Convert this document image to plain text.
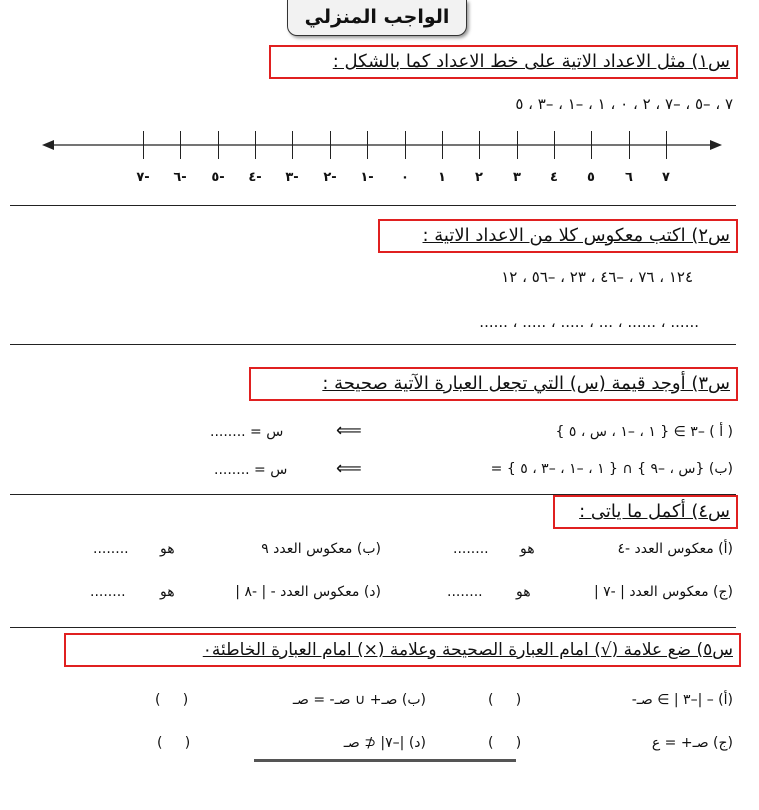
الواجب المنزلي
س١) مثل الاعداد الاتية على خط الاعداد كما بالشكل :
٧ ، –٥ ، –٧ ، ٢ ، ٠ ، ١ ، –١ ، –٣ ، ٥
٧-	٦-	٥-	٤-	٣-	٢-	١-	٠	١	٢	٣	٤	٥	٦	٧
س٢) اكتب معكوس كلا من الاعداد الاتية :
١٢٤ ، ٧٦ ، –٤٦ ، ٢٣ ، –٥٦ ، ١٢
...... ، ..... ، ..... ، ... ، ...... ، ......
س٣) أوجد قيمة (س) التي تجعل العبارة الآتية صحيحة :
( أ ) –٣ ∋ { ١ ، –١ ، س ، ٥ }
⟸
س = ........
(ب) {س ، –٩ } ∩ { ١ ، –١ ، –٣ ، ٥ } =
⟸
س = ........
س٤) أكمل ما ياتى :
(أ) معكوس العدد -٤
هو
........
(ب) معكوس العدد ٩
هو
........
(ج) معكوس العدد | -٧ |
هو
........
(د) معكوس العدد - | -٨ |
هو
........
س٥) ضع علامة (√) امام العبارة الصحيحة وعلامة (×) امام العبارة الخاطئة٠
(أ) – |–٣ | ∋ صـ-
(     )
(ب) صـ+ ∪ صـ- = صـ
(     )
(ج) صـ+ = ع
(     )
(د) |–٧| ⊄ صـ
(     )
